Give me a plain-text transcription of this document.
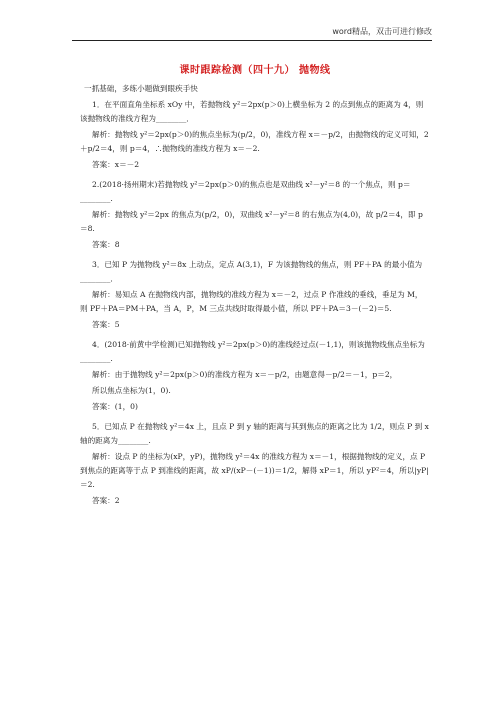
word精品，双击可进行修改
课时跟踪检测（四十九） 抛物线
一抓基础，多练小题做到眼疾手快

1．在平面直角坐标系 xOy 中，若抛物线 y²＝2px(p＞0)上横坐标为 2 的点到焦点的距离为 4，则该抛物线的准线方程为________．

解析：抛物线 y²＝2px(p＞0)的焦点坐标为(p/2，0)，准线方程 x＝－p/2，由抛物线的定义可知，2＋p/2＝4，则 p＝4，∴抛物线的准线方程为 x＝－2.

答案：x＝－2

2.(2018·扬州期末)若抛物线 y²＝2px(p＞0)的焦点也是双曲线 x²－y²＝8 的一个焦点，则 p＝________.

解析：抛物线 y²＝2px 的焦点为(p/2，0)，双曲线 x²－y²＝8 的右焦点为(4,0)，故 p/2＝4，即 p＝8.

答案：8

3．已知 P 为抛物线 y²＝8x 上动点，定点 A(3,1)，F 为该抛物线的焦点，则 PF＋PA 的最小值为________．

解析：易知点 A 在抛物线内部，抛物线的准线方程为 x＝－2，过点 P 作准线的垂线，垂足为 M，则 PF＋PA＝PM＋PA，当 A，P，M 三点共线时取得最小值，所以 PF＋PA＝3－(－2)＝5.

答案：5

4．(2018·前黄中学检测)已知抛物线 y²＝2px(p＞0)的准线经过点(－1,1)，则该抛物线焦点坐标为________.

解析：由于抛物线 y²＝2px(p＞0)的准线方程为 x＝－p/2，由题意得－p/2＝－1，p＝2，

所以焦点坐标为(1，0).

答案：(1，0)

5．已知点 P 在抛物线 y²＝4x 上，且点 P 到 y 轴的距离与其到焦点的距离之比为 1/2，则点 P 到 x 轴的距离为________.

解析：设点 P 的坐标为(xP，yP)，抛物线 y²＝4x 的准线方程为 x＝－1，根据抛物线的定义，点 P 到焦点的距离等于点 P 到准线的距离，故 xP/(xP－(－1))＝1/2，解得 xP＝1，所以 yP²＝4，所以|yP|＝2.

答案：2
